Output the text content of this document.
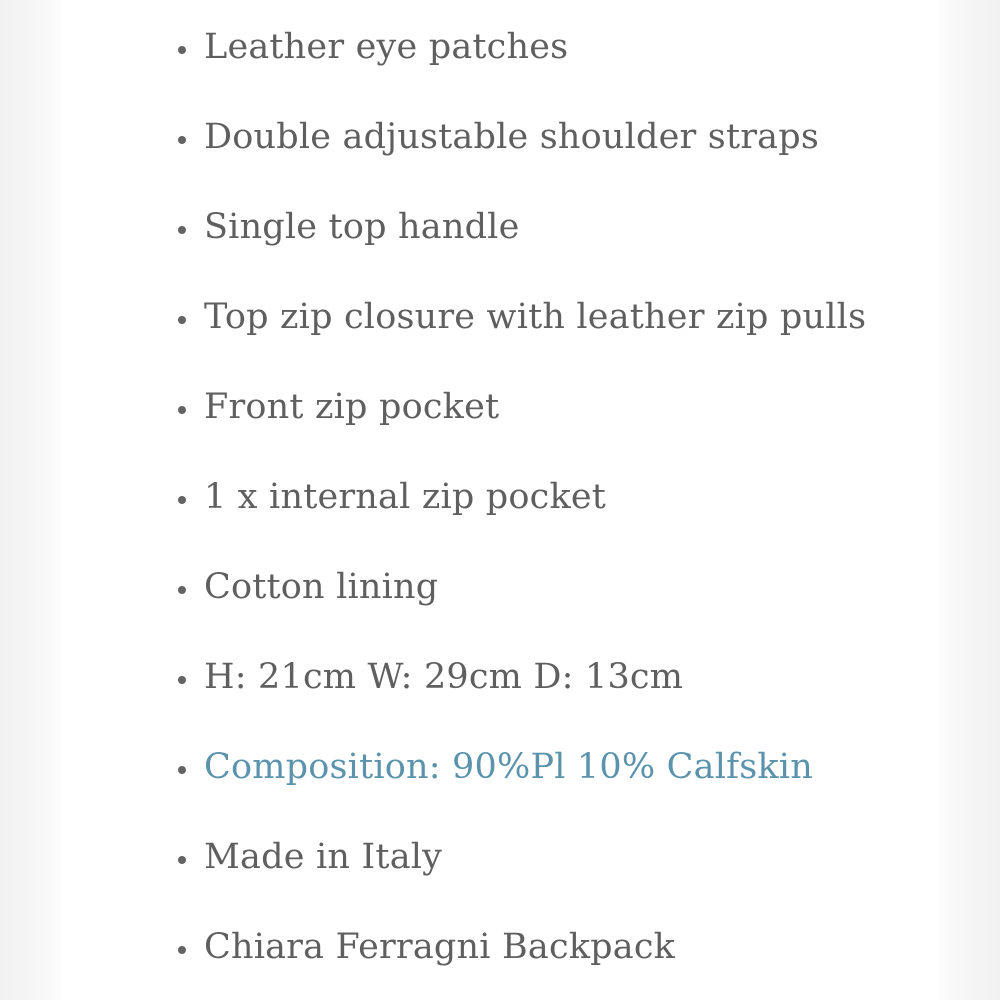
Leather eye patches
Double adjustable shoulder straps
Single top handle
Top zip closure with leather zip pulls
Front zip pocket
1 x internal zip pocket
Cotton lining
H: 21cm W: 29cm D: 13cm
Composition: 90%Pl 10% Calfskin
Made in Italy
Chiara Ferragni Backpack
